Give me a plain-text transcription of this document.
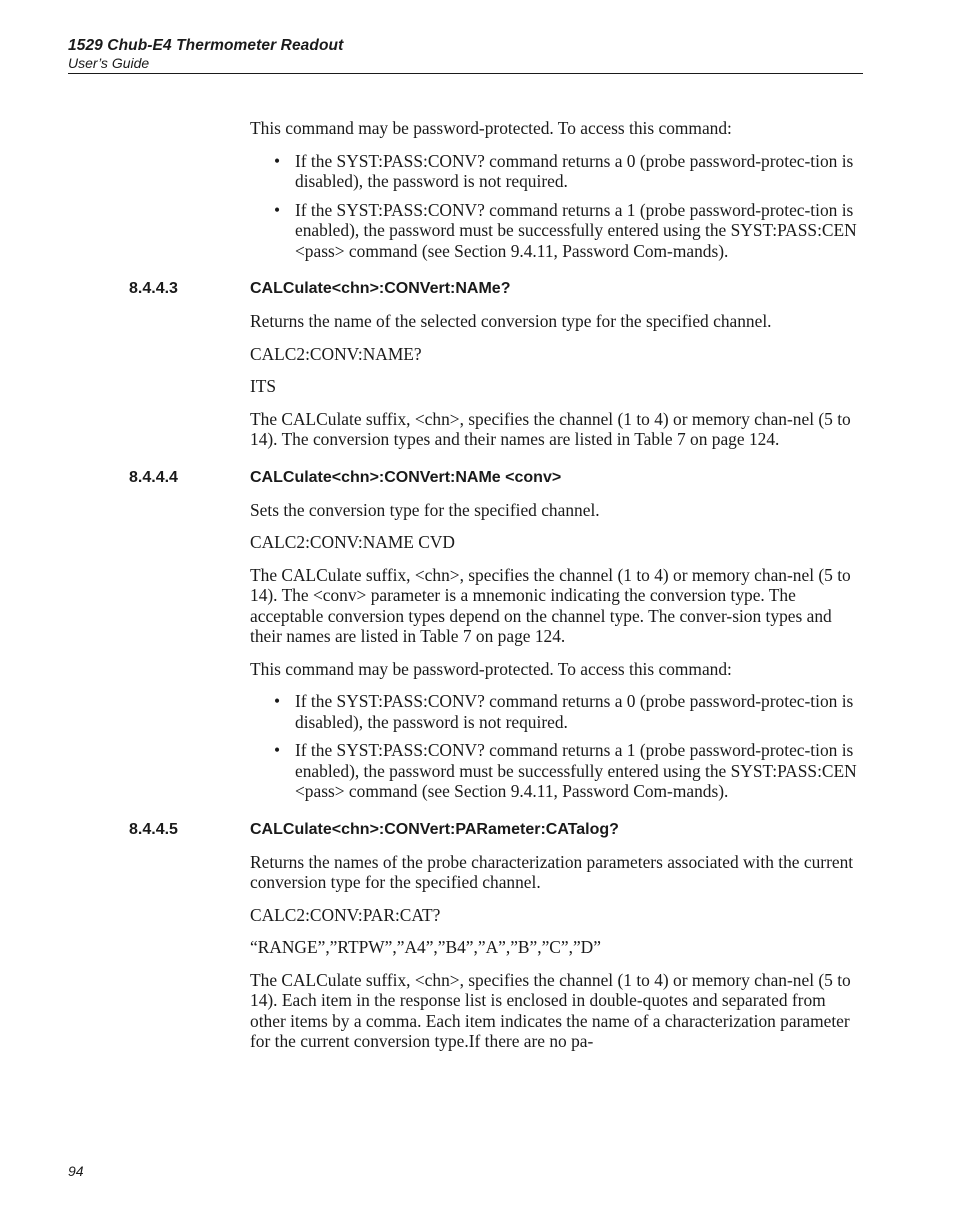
1529 Chub-E4 Thermometer Readout
User’s Guide

This command may be password-protected. To access this command:

• If the SYST:PASS:CONV? command returns a 0 (probe password-protec-tion is disabled), the password is not required.
• If the SYST:PASS:CONV? command returns a 1 (probe password-protec-tion is enabled), the password must be successfully entered using the SYST:PASS:CEN <pass> command (see Section 9.4.11, Password Com-mands).
8.4.4.3	CALCulate<chn>:CONVert:NAMe?

Returns the name of the selected conversion type for the specified channel.

CALC2:CONV:NAME?

ITS

The CALCulate suffix, <chn>, specifies the channel (1 to 4) or memory chan-nel (5 to 14). The conversion types and their names are listed in Table 7 on page 124.

8.4.4.4	CALCulate<chn>:CONVert:NAMe <conv>

Sets the conversion type for the specified channel.

CALC2:CONV:NAME CVD

The CALCulate suffix, <chn>, specifies the channel (1 to 4) or memory chan-nel (5 to 14). The <conv> parameter is a mnemonic indicating the conversion type. The acceptable conversion types depend on the channel type. The conver-sion types and their names are listed in Table 7 on page 124.

This command may be password-protected. To access this command:

• If the SYST:PASS:CONV? command returns a 0 (probe password-protec-tion is disabled), the password is not required.
• If the SYST:PASS:CONV? command returns a 1 (probe password-protec-tion is enabled), the password must be successfully entered using the SYST:PASS:CEN <pass> command (see Section 9.4.11, Password Com-mands).
8.4.4.5	CALCulate<chn>:CONVert:PARameter:CATalog?

Returns the names of the probe characterization parameters associated with the current conversion type for the specified channel.

CALC2:CONV:PAR:CAT?

“RANGE”,”RTPW”,”A4”,”B4”,”A”,”B”,”C”,”D”

The CALCulate suffix, <chn>, specifies the channel (1 to 4) or memory chan-nel (5 to 14). Each item in the response list is enclosed in double-quotes and separated from other items by a comma. Each item indicates the name of a characterization parameter for the current conversion type.If there are no pa-

94
